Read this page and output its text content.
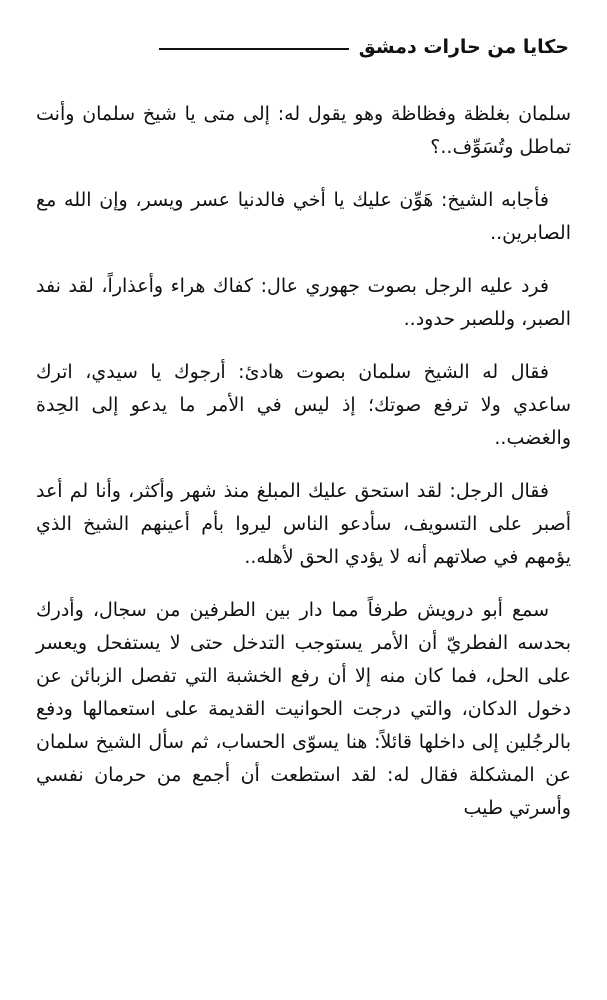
حكايا من حارات دمشق

سلمان بغلظة وفظاظة وهو يقول له: إلى متى يا شيخ سلمان وأنت تماطل وتُسَوِّف..؟

فأجابه الشيخ: هَوِّن عليك يا أخي فالدنيا عسر ويسر، وإن الله مع الصابرين..

فرد عليه الرجل بصوت جهوري عال: كفاك هراء وأعذاراً، لقد نفد الصبر، وللصبر حدود..

فقال له الشيخ سلمان بصوت هادئ: أرجوك يا سيدي، اترك ساعدي ولا ترفع صوتك؛ إذ ليس في الأمر ما يدعو إلى الحِدة والغضب..

فقال الرجل: لقد استحق عليك المبلغ منذ شهر وأكثر، وأنا لم أعد أصبر على التسويف، سأدعو الناس ليروا بأم أعينهم الشيخ الذي يؤمهم في صلاتهم أنه لا يؤدي الحق لأهله..

سمع أبو درويش طرفاً مما دار بين الطرفين من سجال، وأدرك بحدسه الفطريّ أن الأمر يستوجب التدخل حتى لا يستفحل ويعسر على الحل، فما كان منه إلا أن رفع الخشبة التي تفصل الزبائن عن دخول الدكان، والتي درجت الحوانيت القديمة على استعمالها ودفع بالرجُلين إلى داخلها قائلاً: هنا يسوّى الحساب، ثم سأل الشيخ سلمان عن المشكلة فقال له: لقد استطعت أن أجمع من حرمان نفسي وأسرتي طيب
